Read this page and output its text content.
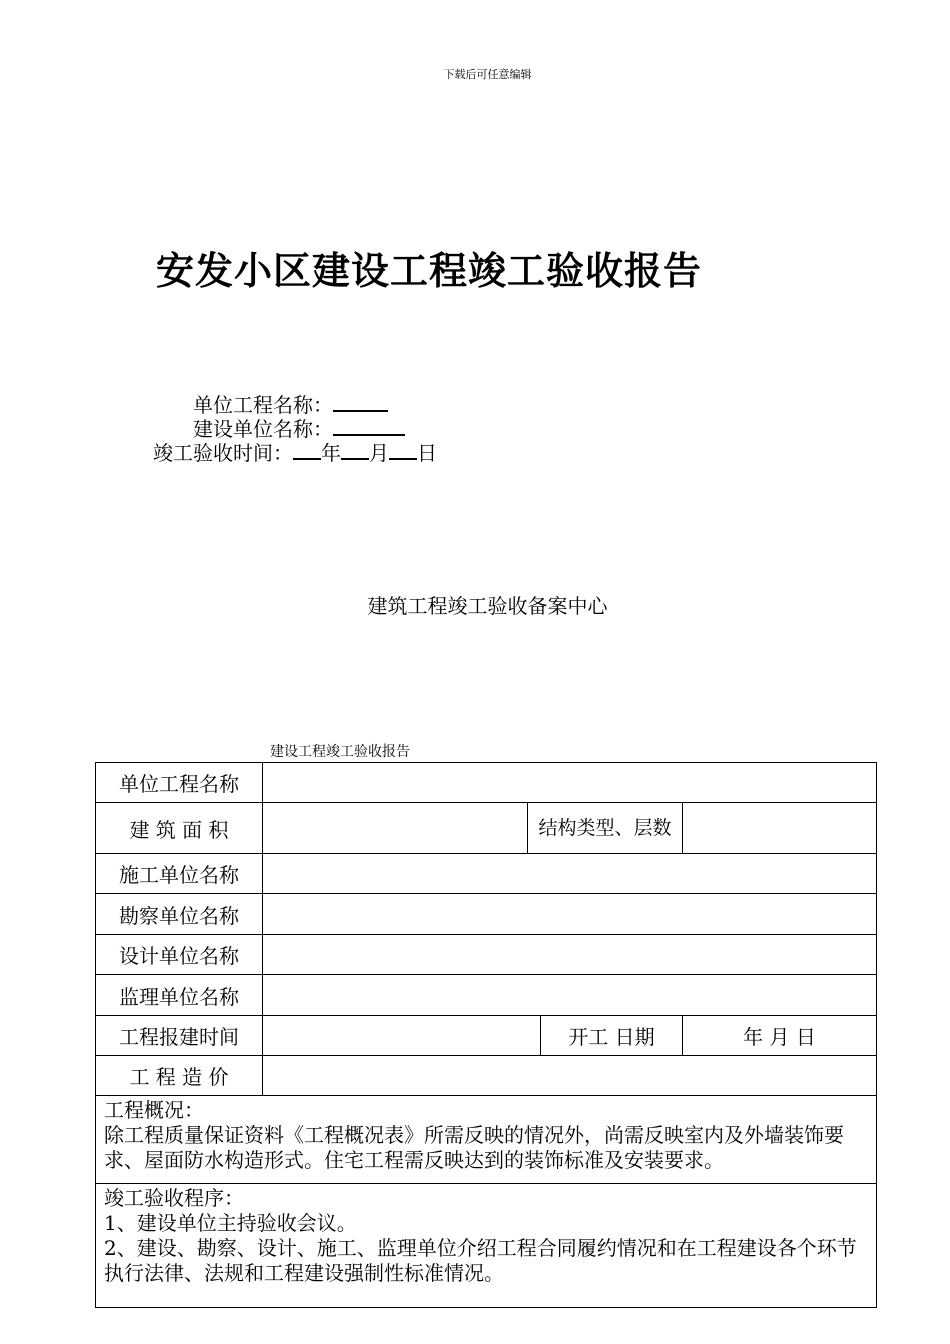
下载后可任意编辑
安发小区建设工程竣工验收报告
单位工程名称：
建设单位名称：
竣工验收时间： 年 月 日
建筑工程竣工验收备案中心
建设工程竣工验收报告
单位工程名称				
建 筑 面 积		结构类型、层数		

施工单位名称				
勘察单位名称				
设计单位名称				
监理单位名称				
工程报建时间			开工 日期	年 月 日
工 程 造 价				

工程概况：
除工程质量保证资料《工程概况表》所需反映的情况外，尚需反映室内及外墙装饰要求、屋面防水构造形式。住宅工程需反映达到的装饰标准及安装要求。				

竣工验收程序：
1、建设单位主持验收会议。
2、建设、勘察、设计、施工、监理单位介绍工程合同履约情况和在工程建设各个环节执行法律、法规和工程建设强制性标准情况。				
